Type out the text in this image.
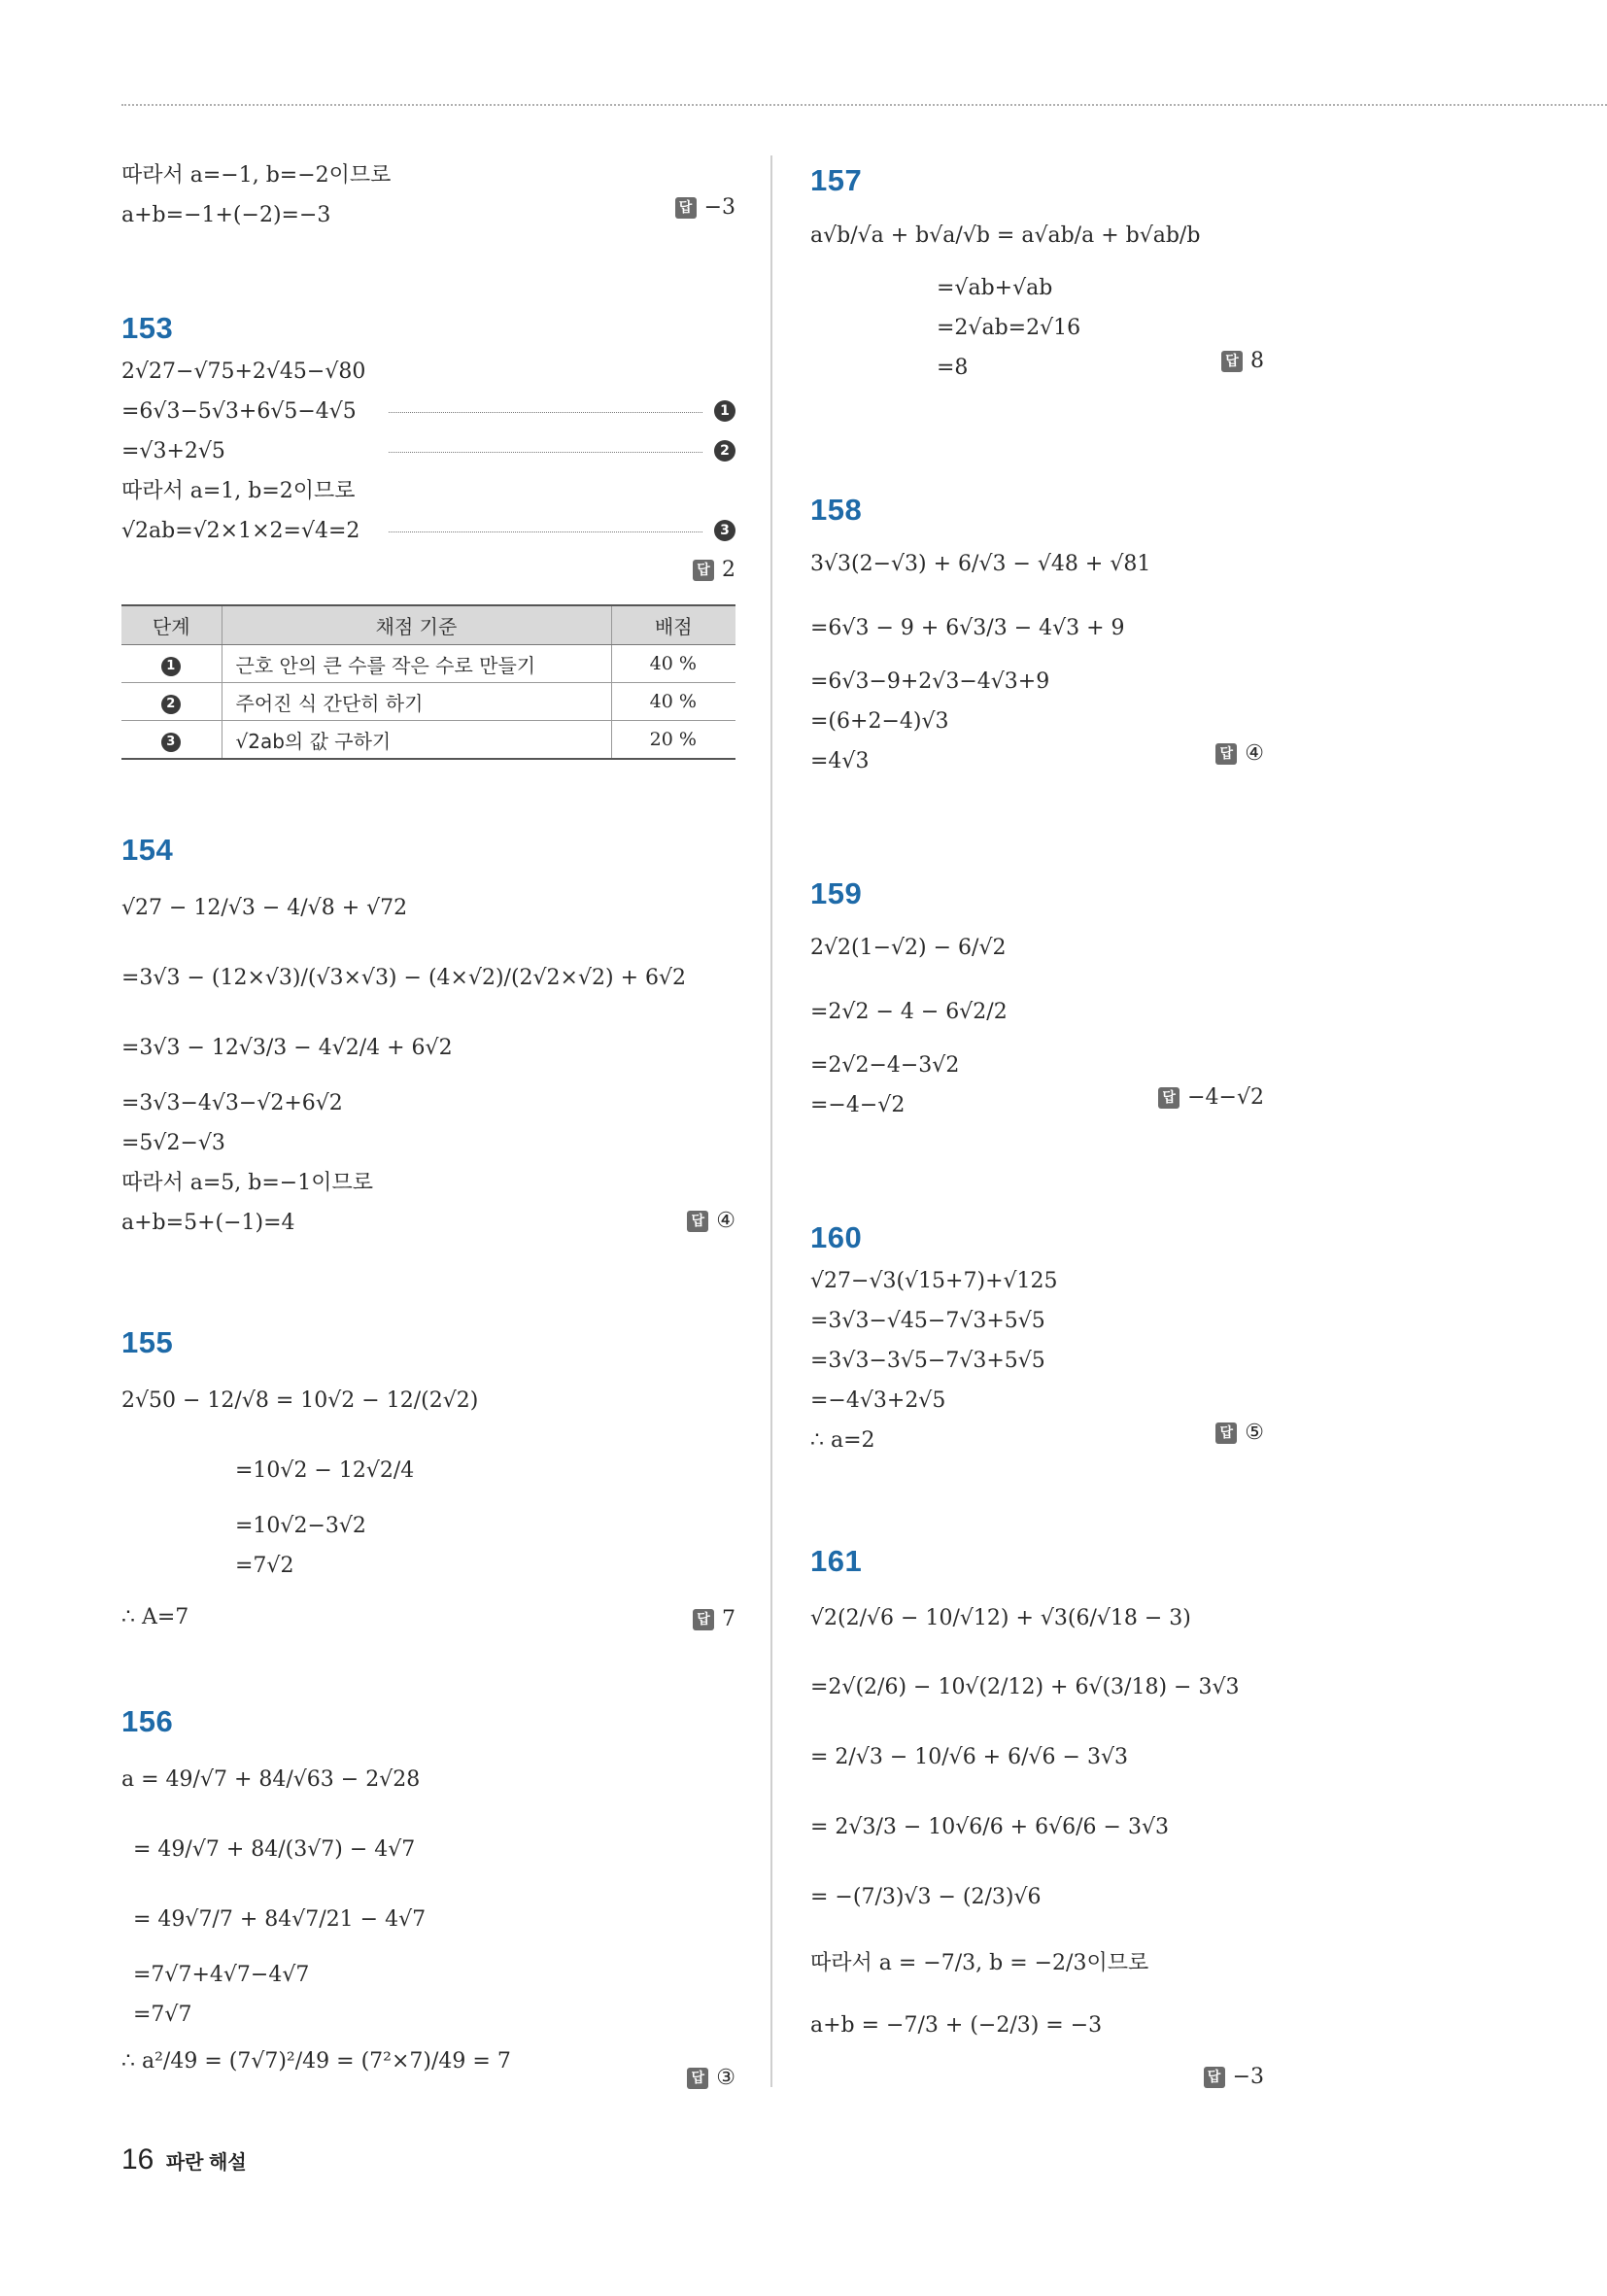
따라서 a=−1, b=−2이므로
a+b=−1+(−2)=−3	답 −3
153
2√27−√75+2√45−√80
=6√3−5√3+6√5−4√5	1
=√3+2√5	2
따라서 a=1, b=2이므로
√2ab=√2×1×2=√4=2	3
답 2
단계	채점 기준	배점
1	근호 안의 큰 수를 작은 수로 만들기	40 %
2	주어진 식 간단히 하기	40 %
3	√2ab의 값 구하기	20 %
154
√27 − 12/√3 − 4/√8 + √72
=3√3 − (12×√3)/(√3×√3) − (4×√2)/(2√2×√2) + 6√2
=3√3 − 12√3/3 − 4√2/4 + 6√2
=3√3−4√3−√2+6√2
=5√2−√3
따라서 a=5, b=−1이므로
a+b=5+(−1)=4	답 ④
155
2√50 − 12/√8 = 10√2 − 12/(2√2)
=10√2 − 12√2/4
=10√2−3√2
=7√2
∴ A=7	답 7
156
a = 49/√7 + 84/√63 − 2√28
= 49/√7 + 84/(3√7) − 4√7
= 49√7/7 + 84√7/21 − 4√7
=7√7+4√7−4√7
=7√7
∴ a²/49 = (7√7)²/49 = (7²×7)/49 = 7
답 ③
157
a√b/√a + b√a/√b = a√ab/a + b√ab/b
=√ab+√ab
=2√ab=2√16
=8	답 8
158
3√3(2−√3) + 6/√3 − √48 + √81
=6√3 − 9 + 6√3/3 − 4√3 + 9
=6√3−9+2√3−4√3+9
=(6+2−4)√3
=4√3	답 ④
159
2√2(1−√2) − 6/√2
=2√2 − 4 − 6√2/2
=2√2−4−3√2
=−4−√2	답 −4−√2
160
√27−√3(√15+7)+√125
=3√3−√45−7√3+5√5
=3√3−3√5−7√3+5√5
=−4√3+2√5
∴ a=2	답 ⑤
161
√2(2/√6 − 10/√12) + √3(6/√18 − 3)
=2√(2/6) − 10√(2/12) + 6√(3/18) − 3√3
= 2/√3 − 10/√6 + 6/√6 − 3√3
= 2√3/3 − 10√6/6 + 6√6/6 − 3√3
= −(7/3)√3 − (2/3)√6
따라서 a = −7/3, b = −2/3이므로
a+b = −7/3 + (−2/3) = −3
답 −3
16 파란 해설
